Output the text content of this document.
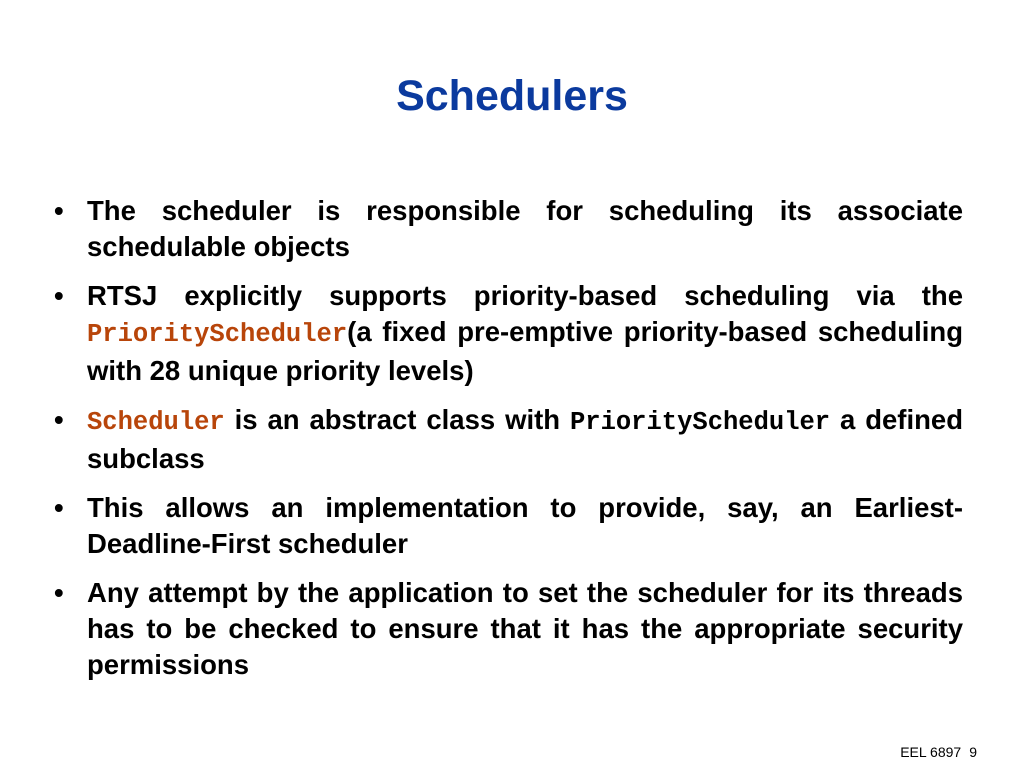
Schedulers
• The scheduler is responsible for scheduling its associate schedulable objects
• RTSJ explicitly supports priority-based scheduling via the PriorityScheduler(a fixed pre-emptive priority-based scheduling with 28 unique priority levels)
• Scheduler is an abstract class with PriorityScheduler a defined subclass
• This allows an implementation to provide, say, an Earliest-Deadline-First scheduler
• Any attempt by the application to set the scheduler for its threads has to be checked to ensure that it has the appropriate security permissions
EEL 6897 9
